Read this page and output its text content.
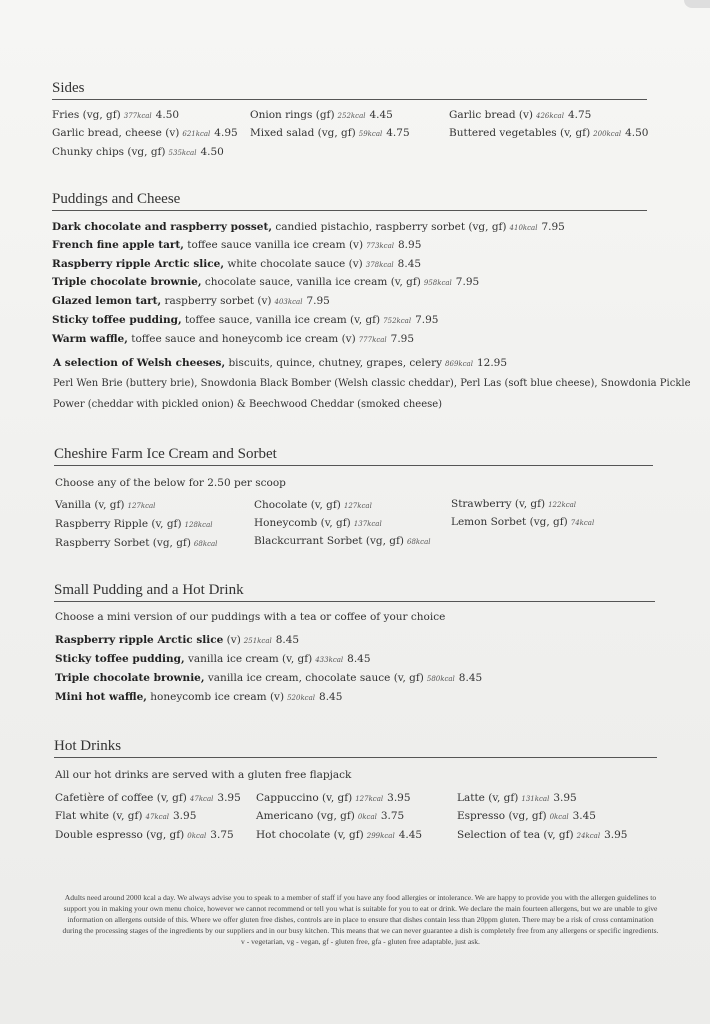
Sides
Fries (vg, gf) 377kcal 4.50
Garlic bread, cheese (v) 621kcal 4.95
Chunky chips (vg, gf) 535kcal 4.50
Onion rings (gf) 252kcal 4.45
Mixed salad (vg, gf) 59kcal 4.75
Garlic bread (v) 426kcal 4.75
Buttered vegetables (v, gf) 200kcal 4.50
Puddings and Cheese
Dark chocolate and raspberry posset, candied pistachio, raspberry sorbet (vg, gf) 410kcal 7.95
French fine apple tart, toffee sauce vanilla ice cream (v) 773kcal 8.95
Raspberry ripple Arctic slice, white chocolate sauce (v) 378kcal 8.45
Triple chocolate brownie, chocolate sauce, vanilla ice cream (v, gf) 958kcal 7.95
Glazed lemon tart, raspberry sorbet (v) 403kcal 7.95
Sticky toffee pudding, toffee sauce, vanilla ice cream (v, gf) 752kcal 7.95
Warm waffle, toffee sauce and honeycomb ice cream (v) 777kcal 7.95
A selection of Welsh cheeses, biscuits, quince, chutney, grapes, celery 869kcal 12.95
Perl Wen Brie (buttery brie), Snowdonia Black Bomber (Welsh classic cheddar), Perl Las (soft blue cheese), Snowdonia Pickle
Power (cheddar with pickled onion) & Beechwood Cheddar (smoked cheese)
Cheshire Farm Ice Cream and Sorbet
Choose any of the below for 2.50 per scoop
Vanilla (v, gf) 127kcal
Raspberry Ripple (v, gf) 128kcal
Raspberry Sorbet (vg, gf) 68kcal
Chocolate (v, gf) 127kcal
Honeycomb (v, gf) 137kcal
Blackcurrant Sorbet (vg, gf) 68kcal
Strawberry (v, gf) 122kcal
Lemon Sorbet (vg, gf) 74kcal
Small Pudding and a Hot Drink
Choose a mini version of our puddings with a tea or coffee of your choice
Raspberry ripple Arctic slice (v) 251kcal 8.45
Sticky toffee pudding, vanilla ice cream (v, gf) 433kcal 8.45
Triple chocolate brownie, vanilla ice cream, chocolate sauce (v, gf) 580kcal 8.45
Mini hot waffle, honeycomb ice cream (v) 520kcal 8.45
Hot Drinks
All our hot drinks are served with a gluten free flapjack
Cafetière of coffee (v, gf) 47kcal 3.95
Flat white (v, gf) 47kcal 3.95
Double espresso (vg, gf) 0kcal 3.75
Cappuccino (v, gf) 127kcal 3.95
Americano (vg, gf) 0kcal 3.75
Hot chocolate (v, gf) 299kcal 4.45
Latte (v, gf) 131kcal 3.95
Espresso (vg, gf) 0kcal 3.45
Selection of tea (v, gf) 24kcal 3.95
Adults need around 2000 kcal a day. We always advise you to speak to a member of staff if you have any food allergies or intolerance. We are happy to provide you with the allergen guidelines to support you in making your own menu choice, however we cannot recommend or tell you what is suitable for you to eat or drink. We declare the main fourteen allergens, but we are unable to give information on allergens outside of this. Where we offer gluten free dishes, controls are in place to ensure that dishes contain less than 20ppm gluten. There may be a risk of cross contamination during the processing stages of the ingredients by our suppliers and in our busy kitchen. This means that we can never guarantee a dish is completely free from any allergens or specific ingredients.
v - vegetarian, vg - vegan, gf - gluten free, gfa - gluten free adaptable, just ask.
